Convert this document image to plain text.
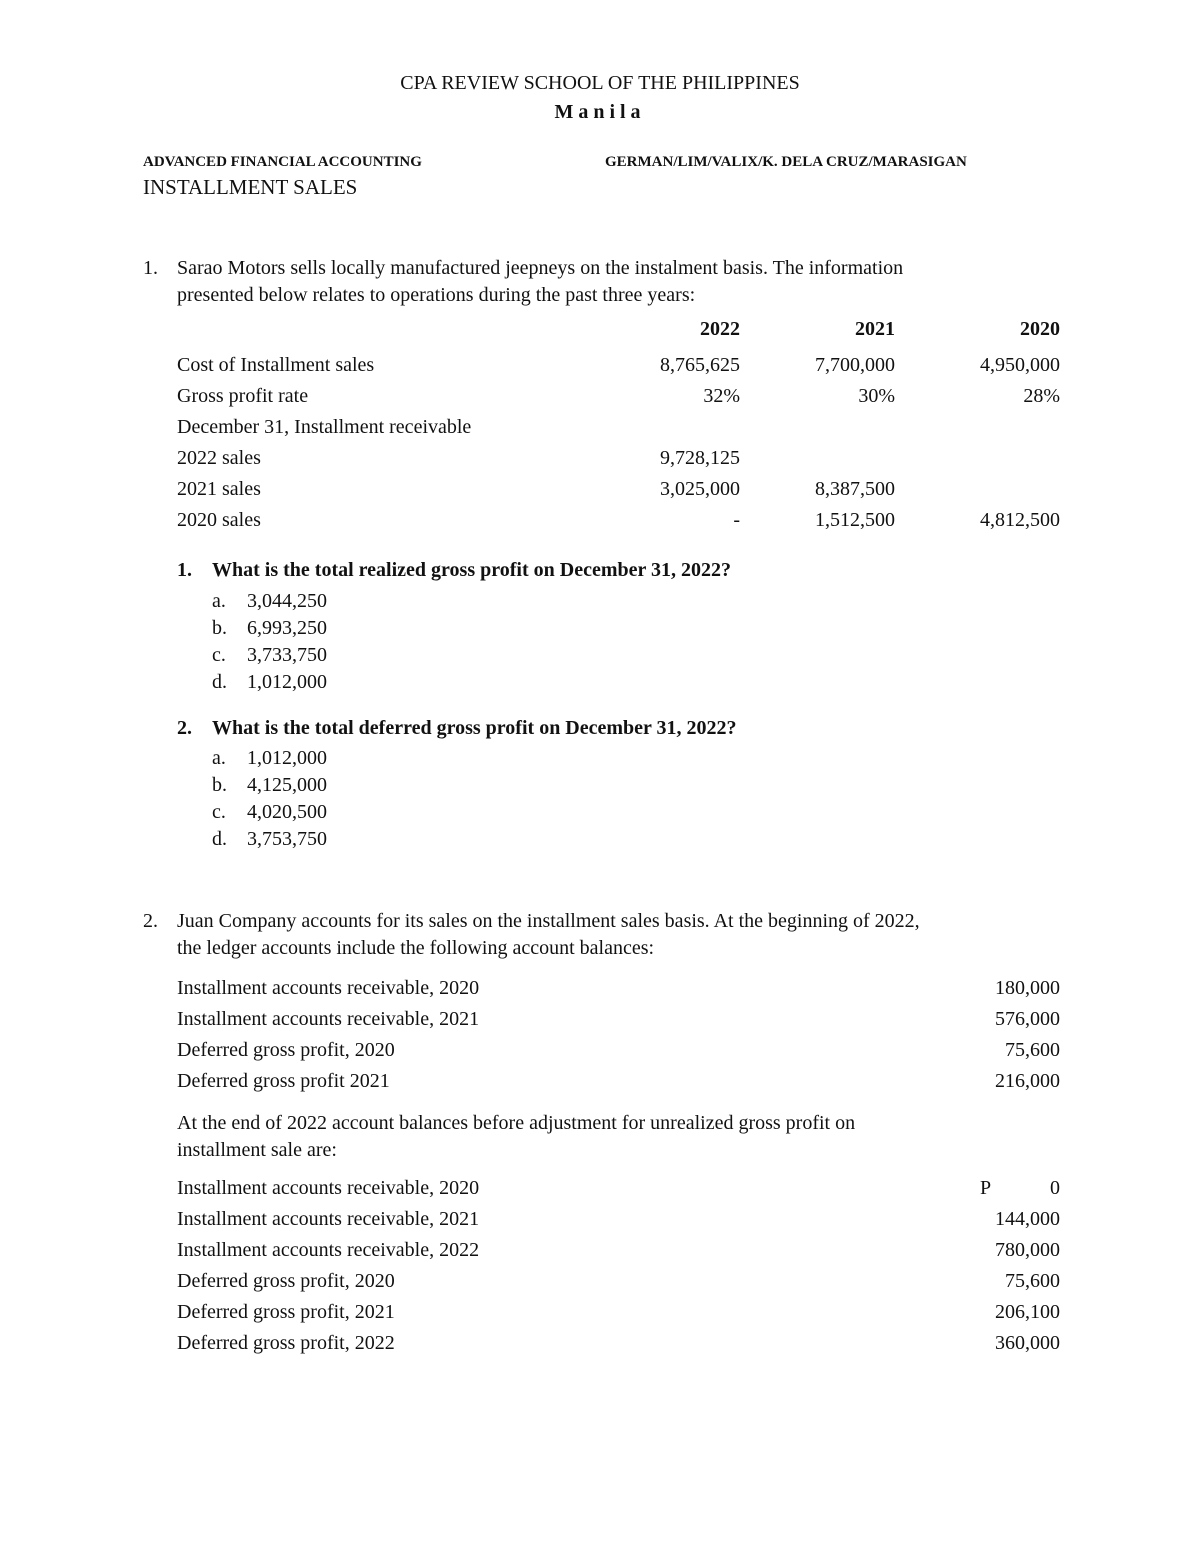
CPA REVIEW SCHOOL OF THE PHILIPPINES
Manila
ADVANCED FINANCIAL ACCOUNTING	GERMAN/LIM/VALIX/K. DELA CRUZ/MARASIGAN
INSTALLMENT SALES
1. Sarao Motors sells locally manufactured jeepneys on the instalment basis. The information
presented below relates to operations during the past three years:
2022	2021	2020
Cost of Installment sales	8,765,625	7,700,000	4,950,000
Gross profit rate	32%	30%	28%
December 31, Installment receivable
2022 sales	9,728,125
2021 sales	3,025,000	8,387,500
2020 sales	-	1,512,500	4,812,500
1. What is the total realized gross profit on December 31, 2022?
a. 3,044,250
b. 6,993,250
c. 3,733,750
d. 1,012,000
2. What is the total deferred gross profit on December 31, 2022?
a. 1,012,000
b. 4,125,000
c. 4,020,500
d. 3,753,750
2. Juan Company accounts for its sales on the installment sales basis. At the beginning of 2022,
the ledger accounts include the following account balances:
Installment accounts receivable, 2020	180,000
Installment accounts receivable, 2021	576,000
Deferred gross profit, 2020	75,600
Deferred gross profit 2021	216,000
At the end of 2022 account balances before adjustment for unrealized gross profit on
installment sale are:
Installment accounts receivable, 2020	P	0
Installment accounts receivable, 2021	144,000
Installment accounts receivable, 2022	780,000
Deferred gross profit, 2020	75,600
Deferred gross profit, 2021	206,100
Deferred gross profit, 2022	360,000
